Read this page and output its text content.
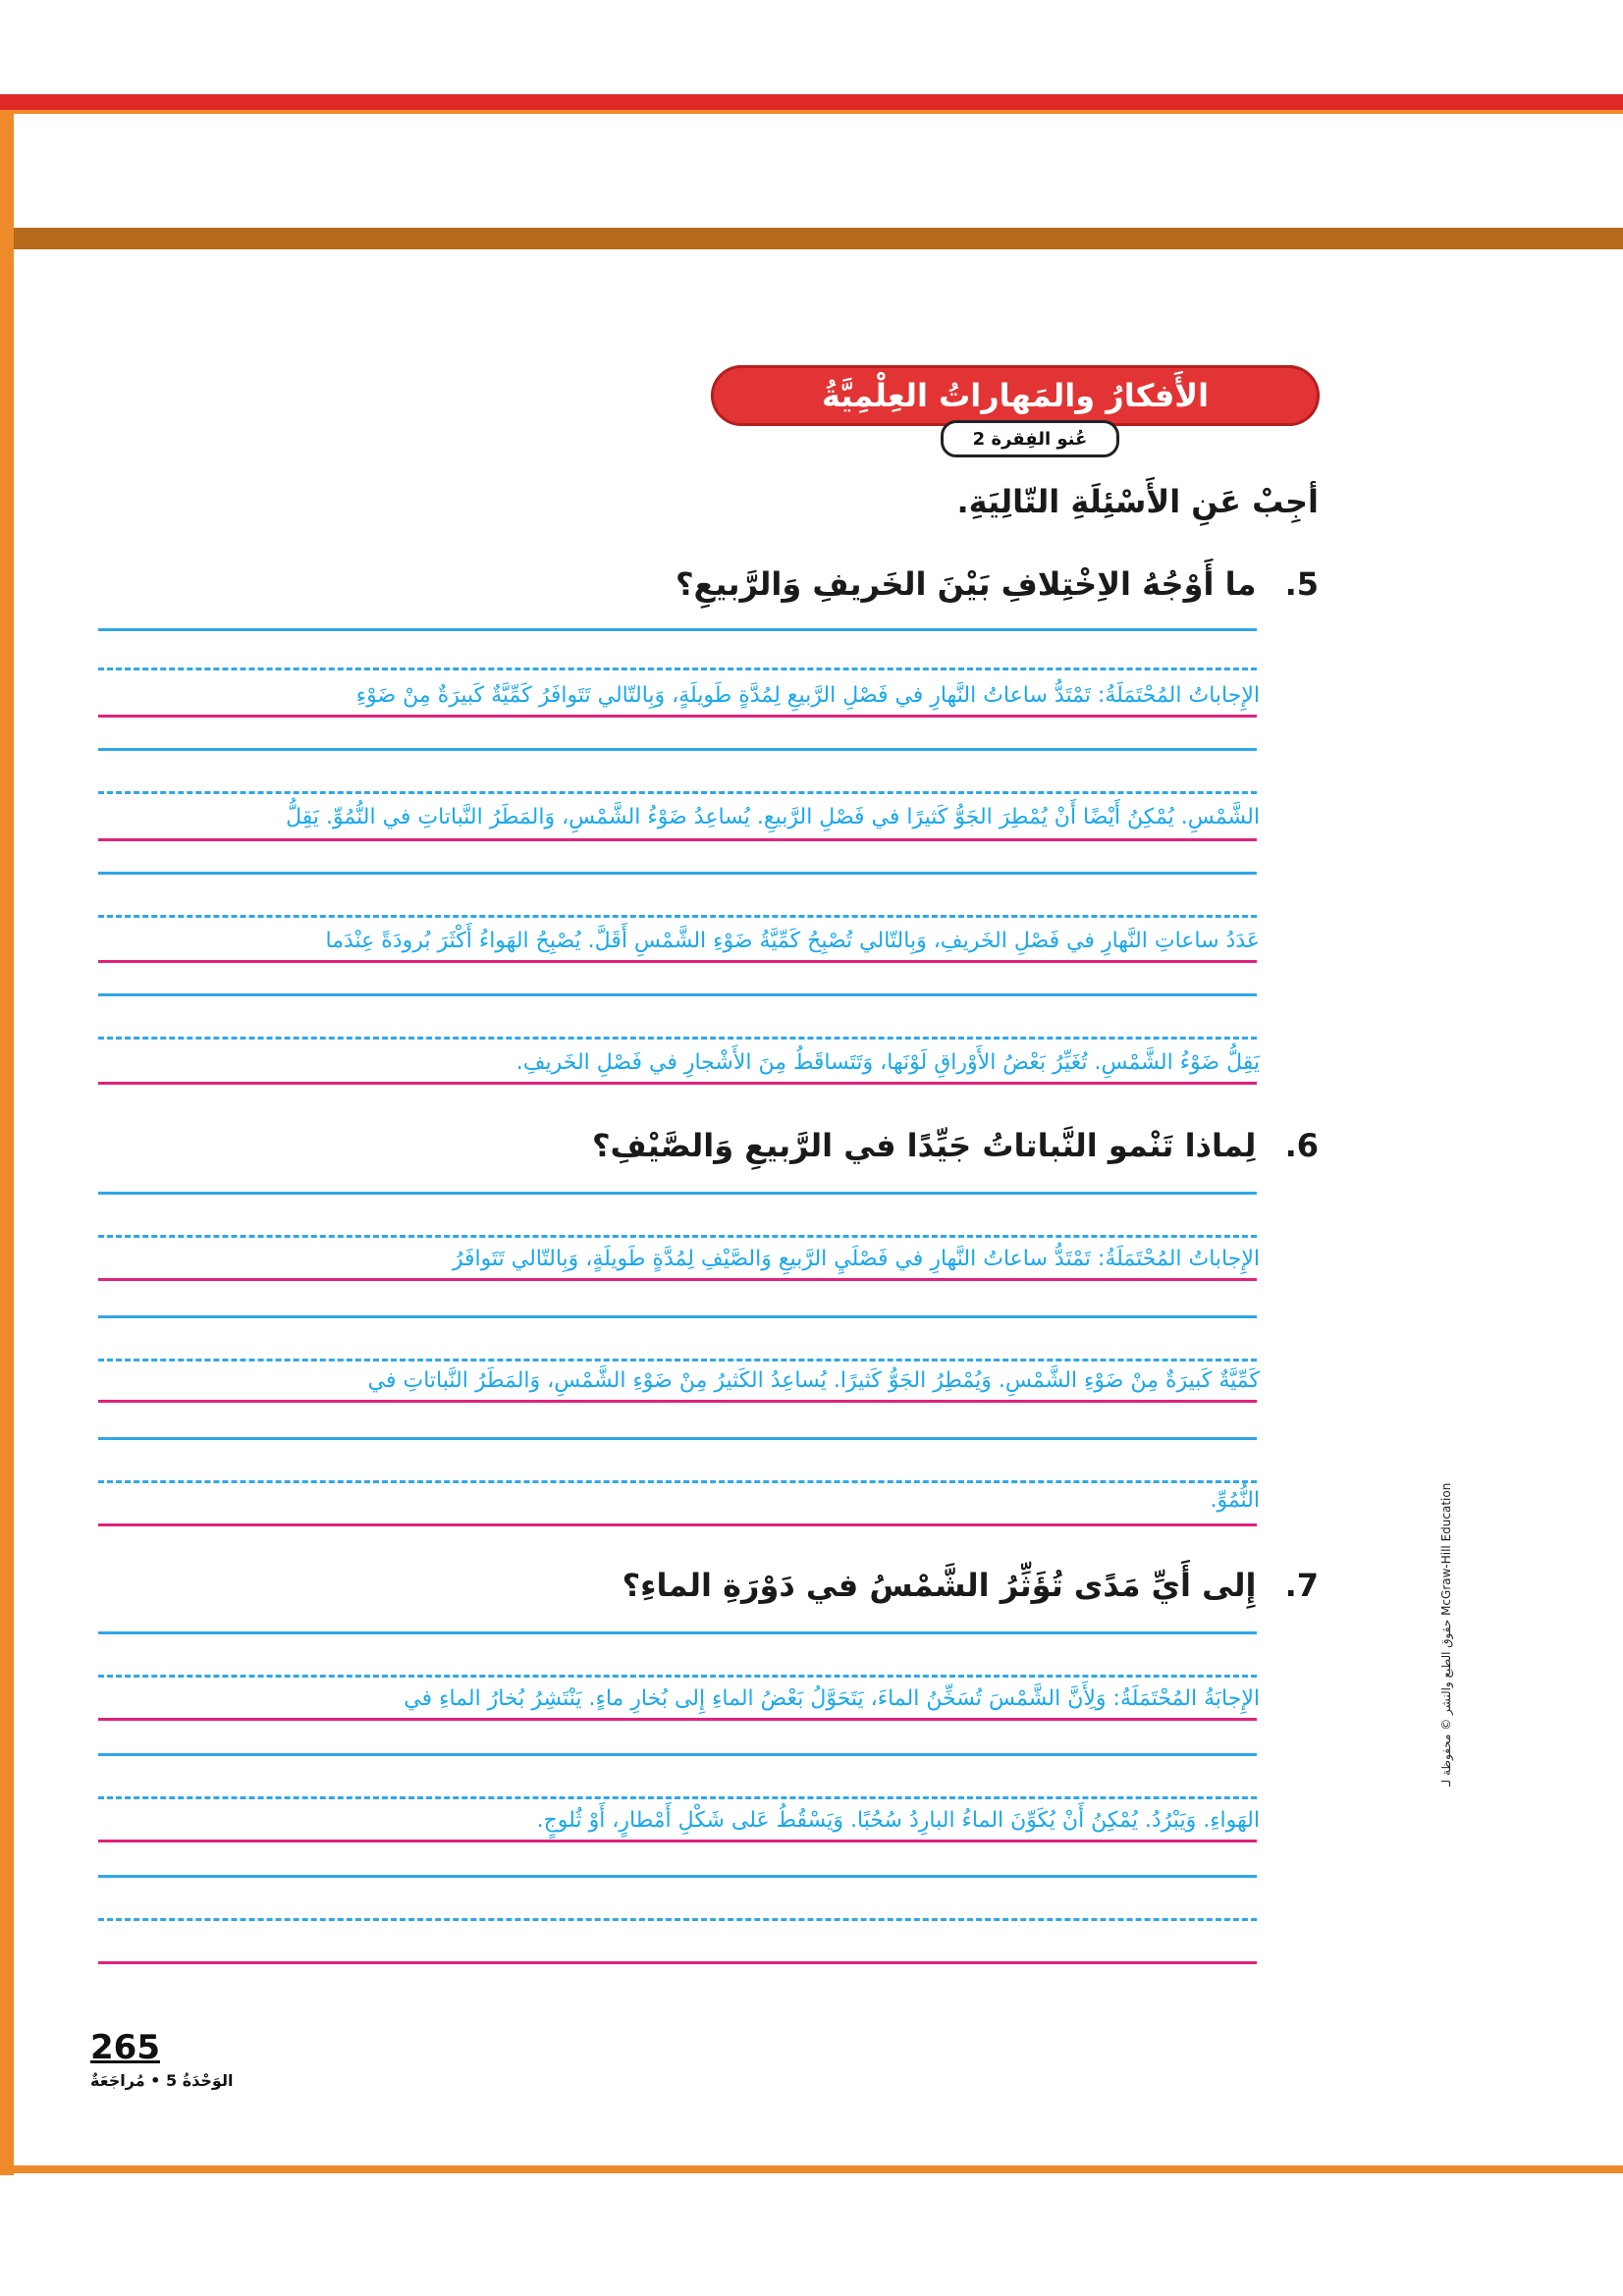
الأَفكارُ والمَهاراتُ العِلْمِيَّةُ
عُنو الفِقرة 2
أجِبْ عَنِ الأَسْئِلَةِ التّالِيَةِ.
ما أَوْجُهُ الاِخْتِلافِ بَيْنَ الخَريفِ وَالرَّبيعِ؟ .5
الإِجاباتُ المُحْتَمَلَةُ: تَمْتَدُّ ساعاتُ النَّهارِ في فَصْلِ الرَّبيعِ لِمُدَّةٍ طَويلَةٍ، وَبِالتّالي تَتَوافَرُ كَمِّيَّةٌ كَبيرَةٌ مِنْ ضَوْءِ
الشَّمْسِ. يُمْكِنُ أَيْضًا أَنْ يُمْطِرَ الجَوُّ كَثيرًا في فَصْلِ الرَّبيعِ. يُساعِدُ ضَوْءُ الشَّمْسِ، وَالمَطَرُ النَّباتاتِ في النُّمُوِّ. يَقِلُّ
عَدَدُ ساعاتِ النَّهارِ في فَصْلِ الخَريفِ، وَبِالتّالي تُصْبِحُ كَمِّيَّةُ ضَوْءِ الشَّمْسِ أَقَلَّ. يُصْبِحُ الهَواءُ أَكْثَرَ بُرودَةً عِنْدَما
يَقِلُّ ضَوْءُ الشَّمْسِ. تُغَيِّرُ بَعْضُ الأَوْراقِ لَوْنَها، وَتَتَساقَطُ مِنَ الأَشْجارِ في فَصْلِ الخَريفِ.
لِماذا تَنْمو النَّباتاتُ جَيِّدًا في الرَّبيعِ وَالصَّيْفِ؟ .6
الإِجاباتُ المُحْتَمَلَةُ: تَمْتَدُّ ساعاتُ النَّهارِ في فَصْلَيِ الرَّبيعِ وَالصَّيْفِ لِمُدَّةٍ طَويلَةٍ، وَبِالتّالي تَتَوافَرُ
كَمِّيَّةٌ كَبيرَةٌ مِنْ ضَوْءِ الشَّمْسِ. وَيُمْطِرُ الجَوُّ كَثيرًا. يُساعِدُ الكَثيرُ مِنْ ضَوْءِ الشَّمْسِ، وَالمَطَرُ النَّباتاتِ في
النُّمُوِّ.
إِلى أَيِّ مَدًى تُؤَثِّرُ الشَّمْسُ في دَوْرَةِ الماءِ؟ .7
الإِجابَةُ المُحْتَمَلَةُ: وَلِأَنَّ الشَّمْسَ تُسَخِّنُ الماءَ، يَتَحَوَّلُ بَعْضُ الماءِ إِلى بُخارِ ماءٍ. يَنْتَشِرُ بُخارُ الماءِ في
الهَواءِ. وَيَبْرُدُ. يُمْكِنُ أَنْ يُكَوِّنَ الماءُ البارِدُ سُحُبًا. وَيَسْقُطُ عَلى شَكْلِ أَمْطارٍ، أَوْ ثُلوجٍ.
265
الوَحْدَةُ 5 • مُراجَعَةٌ
حقوق الطبع والنشر © محفوظة لـ McGraw-Hill Education
